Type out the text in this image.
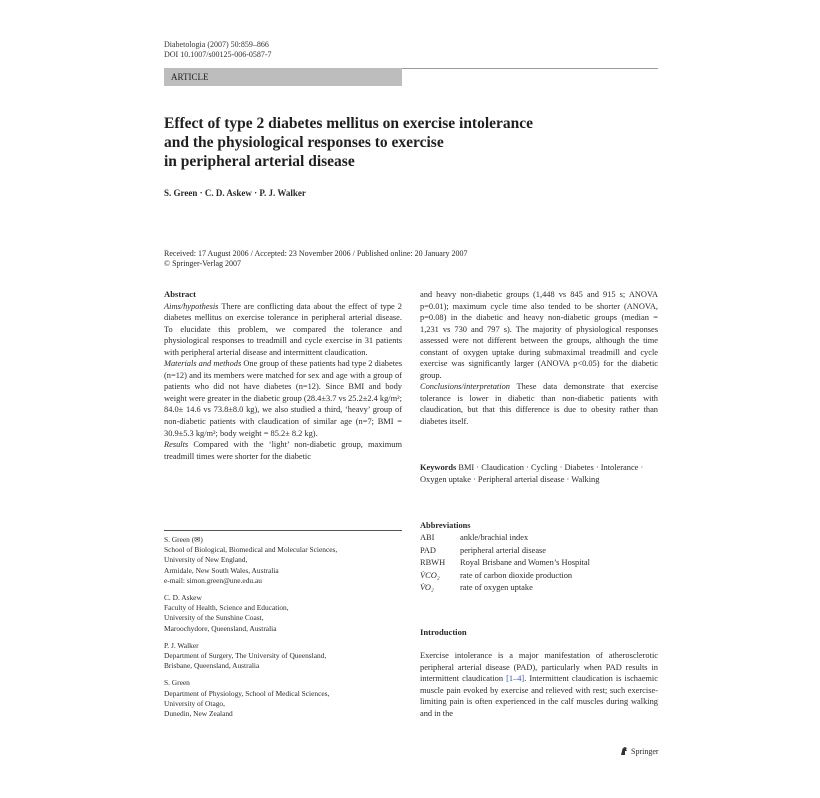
Diabetologia (2007) 50:859–866
DOI 10.1007/s00125-006-0587-7
ARTICLE
Effect of type 2 diabetes mellitus on exercise intolerance
and the physiological responses to exercise
in peripheral arterial disease
S. Green · C. D. Askew · P. J. Walker
Received: 17 August 2006 / Accepted: 23 November 2006 / Published online: 20 January 2007
© Springer-Verlag 2007
Abstract

Aims/hypothesis There are conflicting data about the effect of type 2 diabetes mellitus on exercise tolerance in peripheral arterial disease. To elucidate this problem, we compared the tolerance and physiological responses to treadmill and cycle exercise in 31 patients with peripheral arterial disease and intermittent claudication.

Materials and methods One group of these patients had type 2 diabetes (n=12) and its members were matched for sex and age with a group of patients who did not have diabetes (n=12). Since BMI and body weight were greater in the diabetic group (28.4±3.7 vs 25.2±2.4 kg/m²; 84.0± 14.6 vs 73.8±8.0 kg), we also studied a third, ‘heavy’ group of non-diabetic patients with claudication of similar age (n=7; BMI = 30.9±5.3 kg/m²; body weight = 85.2± 8.2 kg).

Results Compared with the ‘light’ non-diabetic group, maximum treadmill times were shorter for the diabetic

S. Green (✉)
School of Biological, Biomedical and Molecular Sciences,
University of New England,
Armidale, New South Wales, Australia
e-mail: simon.green@une.edu.au
C. D. Askew
Faculty of Health, Science and Education,
University of the Sunshine Coast,
Maroochydore, Queensland, Australia
P. J. Walker
Department of Surgery, The University of Queensland,
Brisbane, Queensland, Australia
S. Green
Department of Physiology, School of Medical Sciences,
University of Otago,
Dunedin, New Zealand

and heavy non-diabetic groups (1,448 vs 845 and 915 s; ANOVA p=0.01); maximum cycle time also tended to be shorter (ANOVA, p=0.08) in the diabetic and heavy non-diabetic groups (median = 1,231 vs 730 and 797 s). The majority of physiological responses assessed were not different between the groups, although the time constant of oxygen uptake during submaximal treadmill and cycle exercise was significantly larger (ANOVA p<0.05) for the diabetic group.

Conclusions/interpretation These data demonstrate that exercise tolerance is lower in diabetic than non-diabetic patients with claudication, but that this difference is due to obesity rather than diabetes itself.

Keywords BMI · Claudication · Cycling · Diabetes · Intolerance · Oxygen uptake · Peripheral arterial disease · Walking
Abbreviations
ABI	ankle/brachial index
PAD	peripheral arterial disease
RBWH	Royal Brisbane and Women’s Hospital
V̇CO₂	rate of carbon dioxide production
V̇O₂	rate of oxygen uptake
Introduction
Exercise intolerance is a major manifestation of atherosclerotic peripheral arterial disease (PAD), particularly when PAD results in intermittent claudication [1–4]. Intermittent claudication is ischaemic muscle pain evoked by exercise and relieved with rest; such exercise-limiting pain is often experienced in the calf muscles during walking and in the
Springer
